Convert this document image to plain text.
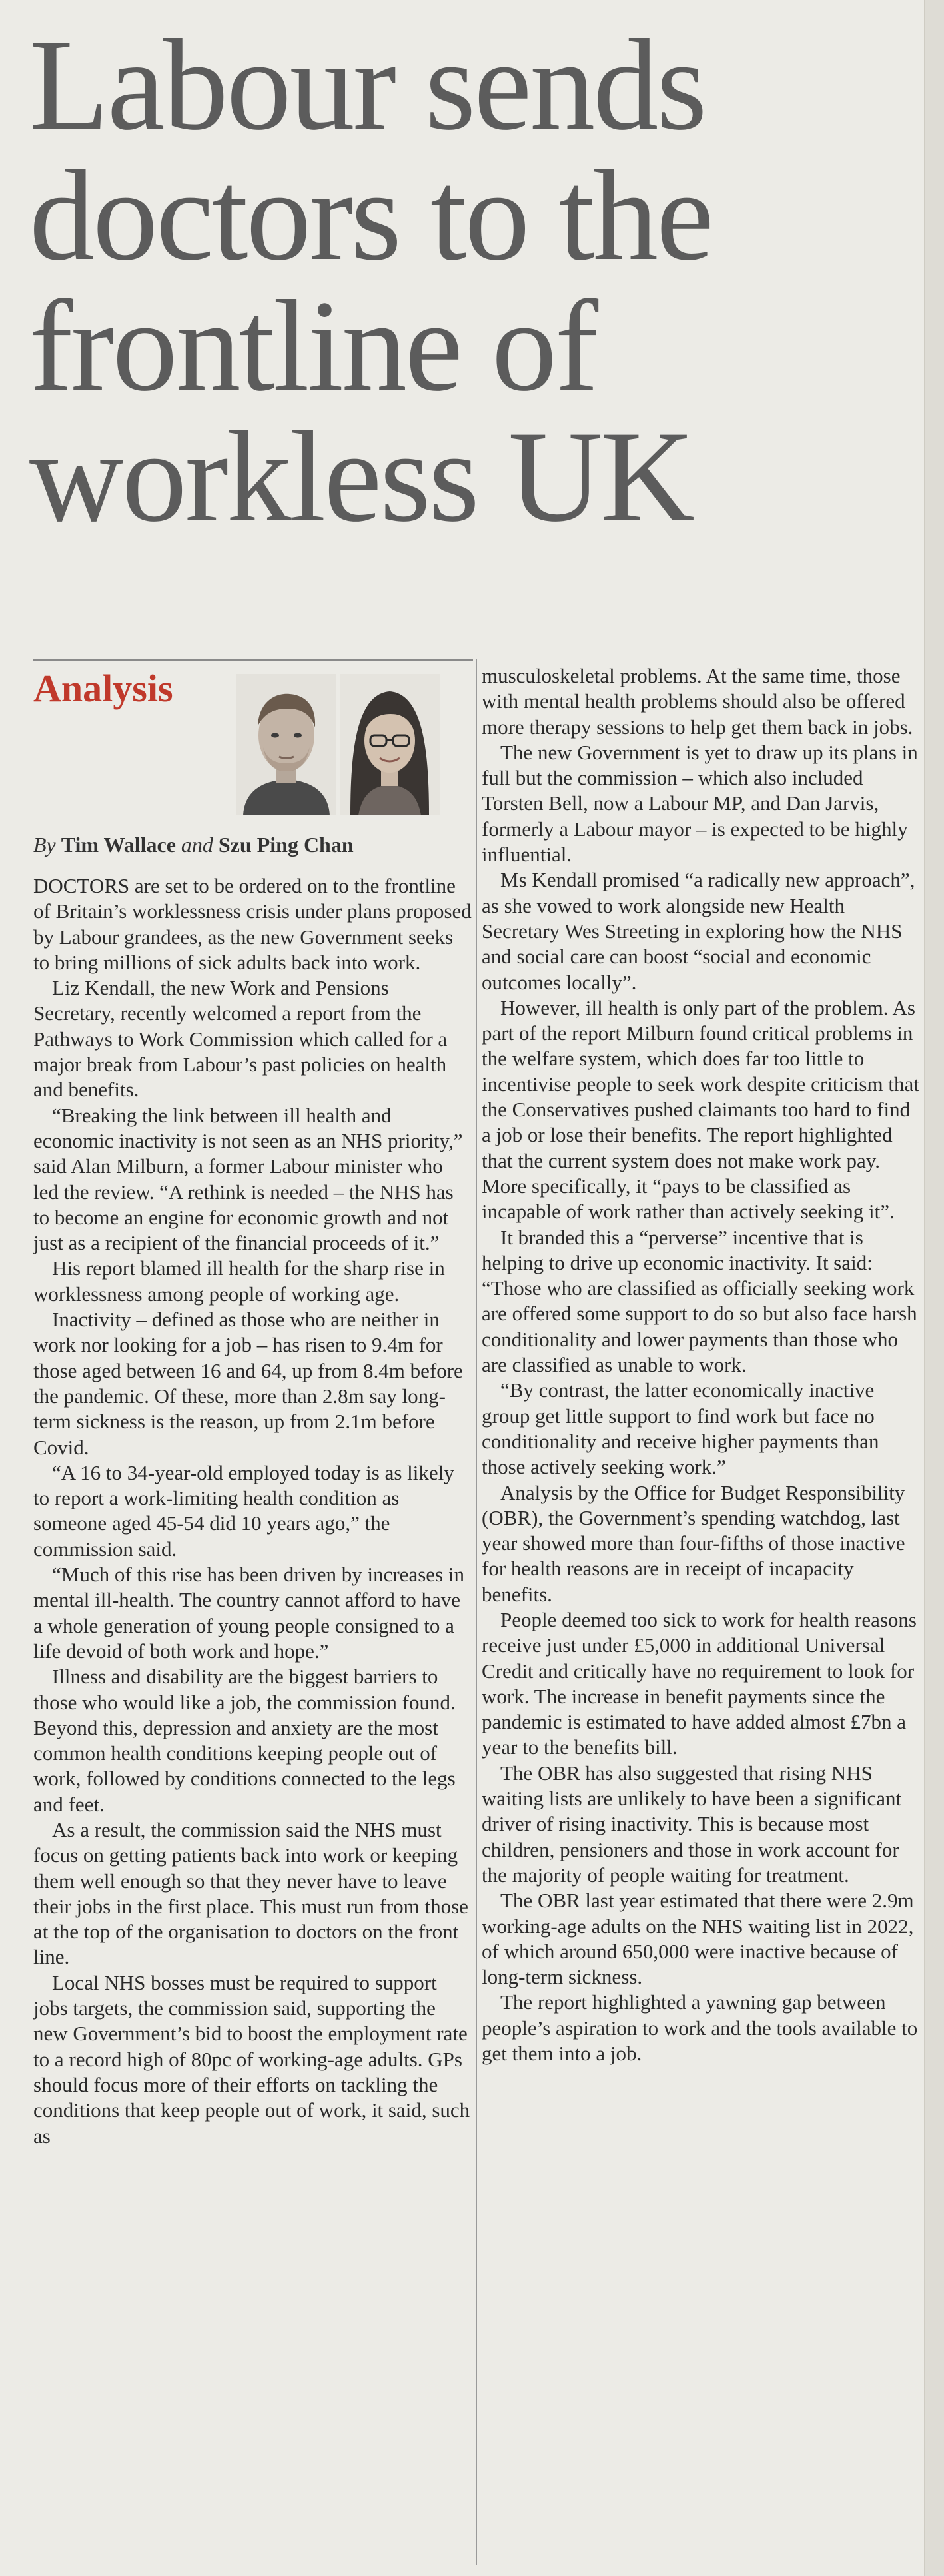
Labour sends
doctors to the
frontline of
workless UK
Analysis

By Tim Wallace and Szu Ping Chan

DOCTORS are set to be ordered on to the frontline of Britain’s worklessness crisis under plans proposed by Labour grandees, as the new Government seeks to bring millions of sick adults back into work.

Liz Kendall, the new Work and Pensions Secretary, recently welcomed a report from the Pathways to Work Commission which called for a major break from Labour’s past policies on health and benefits.

“Breaking the link between ill health and economic inactivity is not seen as an NHS priority,” said Alan Milburn, a former Labour minister who led the review. “A rethink is needed – the NHS has to become an engine for economic growth and not just as a recipient of the financial proceeds of it.”

His report blamed ill health for the sharp rise in worklessness among people of working age.

Inactivity – defined as those who are neither in work nor looking for a job – has risen to 9.4m for those aged between 16 and 64, up from 8.4m before the pandemic. Of these, more than 2.8m say long-term sickness is the reason, up from 2.1m before Covid.

“A 16 to 34-year-old employed today is as likely to report a work-limiting health condition as someone aged 45-54 did 10 years ago,” the commission said.

“Much of this rise has been driven by increases in mental ill-health. The country cannot afford to have a whole generation of young people consigned to a life devoid of both work and hope.”

Illness and disability are the biggest barriers to those who would like a job, the commission found. Beyond this, depression and anxiety are the most common health conditions keeping people out of work, followed by conditions connected to the legs and feet.

As a result, the commission said the NHS must focus on getting patients back into work or keeping them well enough so that they never have to leave their jobs in the first place. This must run from those at the top of the organisation to doctors on the front line.

Local NHS bosses must be required to support jobs targets, the commission said, supporting the new Government’s bid to boost the employment rate to a record high of 80pc of working-age adults. GPs should focus more of their efforts on tackling the conditions that keep people out of work, it said, such as

musculoskeletal problems. At the same time, those with mental health problems should also be offered more therapy sessions to help get them back in jobs.

The new Government is yet to draw up its plans in full but the commission – which also included Torsten Bell, now a Labour MP, and Dan Jarvis, formerly a Labour mayor – is expected to be highly influential.

Ms Kendall promised “a radically new approach”, as she vowed to work alongside new Health Secretary Wes Streeting in exploring how the NHS and social care can boost “social and economic outcomes locally”.

However, ill health is only part of the problem. As part of the report Milburn found critical problems in the welfare system, which does far too little to incentivise people to seek work despite criticism that the Conservatives pushed claimants too hard to find a job or lose their benefits. The report highlighted that the current system does not make work pay. More specifically, it “pays to be classified as incapable of work rather than actively seeking it”.

It branded this a “perverse” incentive that is helping to drive up economic inactivity. It said: “Those who are classified as officially seeking work are offered some support to do so but also face harsh conditionality and lower payments than those who are classified as unable to work.

“By contrast, the latter economically inactive group get little support to find work but face no conditionality and receive higher payments than those actively seeking work.”

Analysis by the Office for Budget Responsibility (OBR), the Government’s spending watchdog, last year showed more than four-fifths of those inactive for health reasons are in receipt of incapacity benefits.

People deemed too sick to work for health reasons receive just under £5,000 in additional Universal Credit and critically have no requirement to look for work. The increase in benefit payments since the pandemic is estimated to have added almost £7bn a year to the benefits bill.

The OBR has also suggested that rising NHS waiting lists are unlikely to have been a significant driver of rising inactivity. This is because most children, pensioners and those in work account for the majority of people waiting for treatment.

The OBR last year estimated that there were 2.9m working-age adults on the NHS waiting list in 2022, of which around 650,000 were inactive because of long-term sickness.

The report highlighted a yawning gap between people’s aspiration to work and the tools available to get them into a job.
